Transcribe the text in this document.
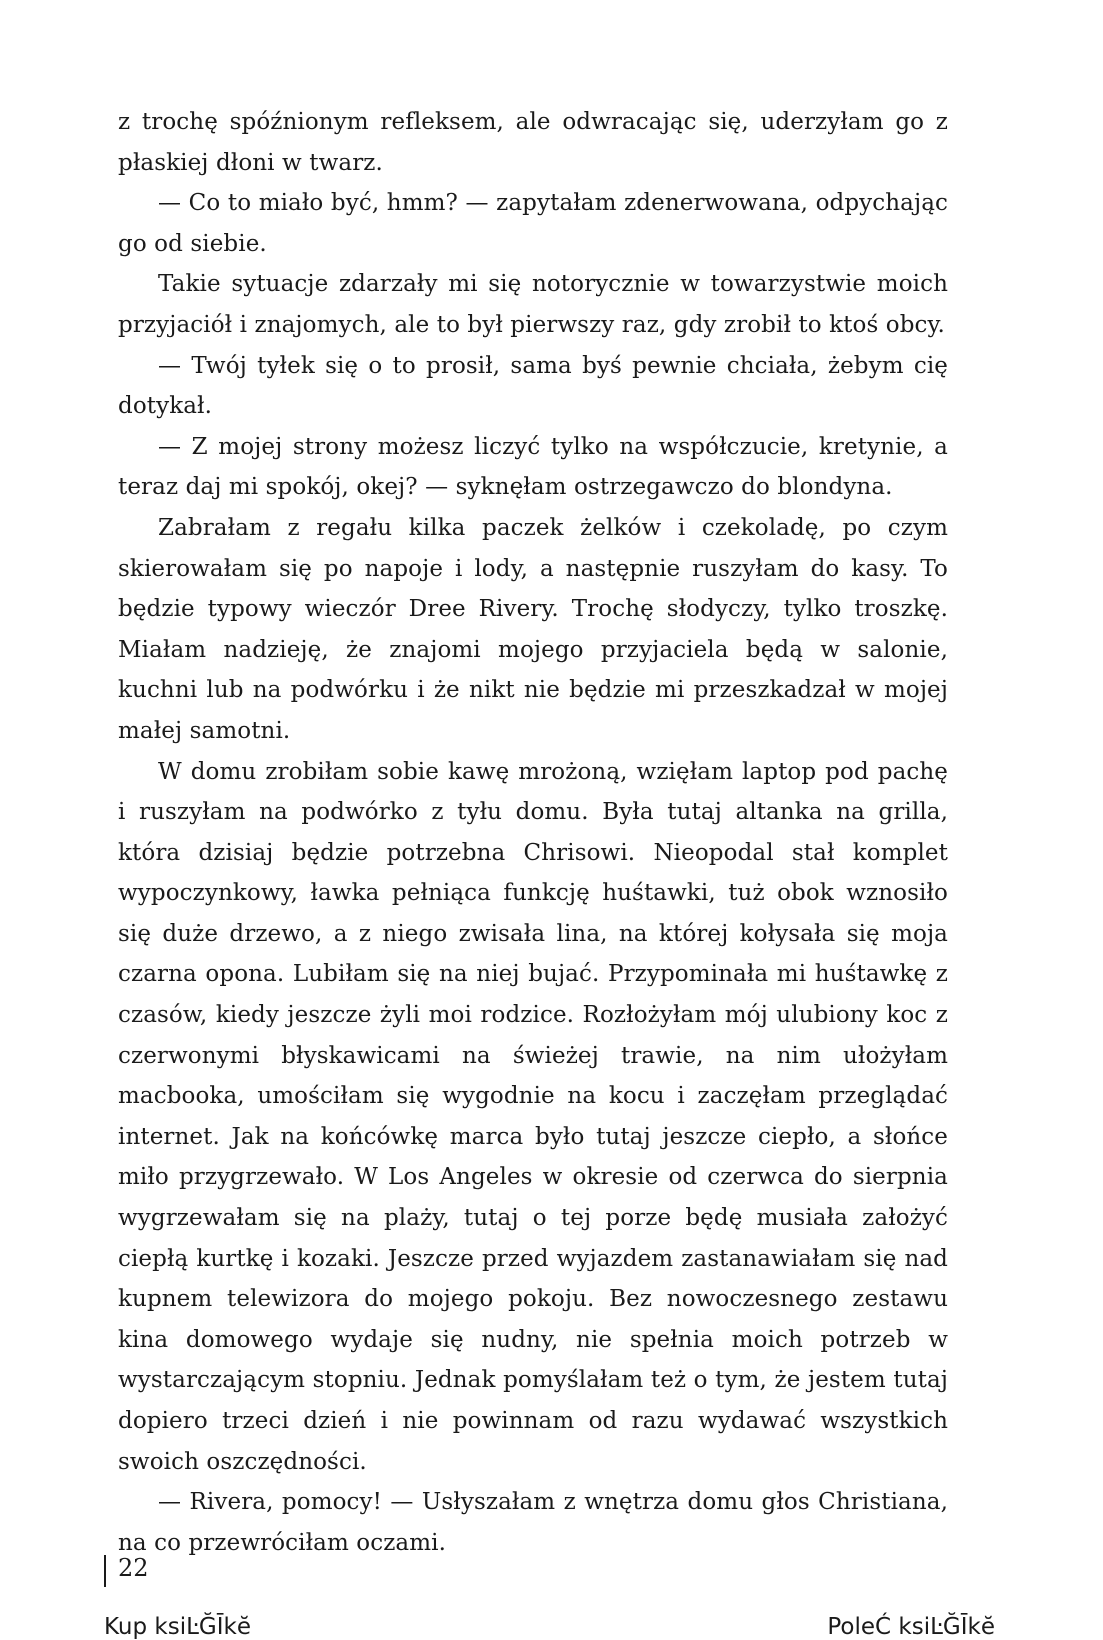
z trochę spóźnionym refleksem, ale odwracając się, uderzyłam go z płaskiej dłoni w twarz.

— Co to miało być, hmm? — zapytałam zdenerwowana, odpychając go od siebie.

Takie sytuacje zdarzały mi się notorycznie w towarzystwie moich przyjaciół i znajomych, ale to był pierwszy raz, gdy zrobił to ktoś obcy.

— Twój tyłek się o to prosił, sama byś pewnie chciała, żebym cię dotykał.

— Z mojej strony możesz liczyć tylko na współczucie, kretynie, a teraz daj mi spokój, okej? — syknęłam ostrzegawczo do blondyna.

Zabrałam z regału kilka paczek żelków i czekoladę, po czym skierowałam się po napoje i lody, a następnie ruszyłam do kasy. To będzie typowy wieczór Dree Rivery. Trochę słodyczy, tylko troszkę. Miałam nadzieję, że znajomi mojego przyjaciela będą w salonie, kuchni lub na podwórku i że nikt nie będzie mi przeszkadzał w mojej małej samotni.

W domu zrobiłam sobie kawę mrożoną, wzięłam laptop pod pachę i ruszyłam na podwórko z tyłu domu. Była tutaj altanka na grilla, która dzisiaj będzie potrzebna Chrisowi. Nieopodal stał komplet wypoczynkowy, ławka pełniąca funkcję huśtawki, tuż obok wznosiło się duże drzewo, a z niego zwisała lina, na której kołysała się moja czarna opona. Lubiłam się na niej bujać. Przypominała mi huśtawkę z czasów, kiedy jeszcze żyli moi rodzice. Rozłożyłam mój ulubiony koc z czerwonymi błyskawicami na świeżej trawie, na nim ułożyłam macbooka, umościłam się wygodnie na kocu i zaczęłam przeglądać internet. Jak na końcówkę marca było tutaj jeszcze ciepło, a słońce miło przygrzewało. W Los Angeles w okresie od czerwca do sierpnia wygrzewałam się na plaży, tutaj o tej porze będę musiała założyć ciepłą kurtkę i kozaki. Jeszcze przed wyjazdem zastanawiałam się nad kupnem telewizora do mojego pokoju. Bez nowoczesnego zestawu kina domowego wydaje się nudny, nie spełnia moich potrzeb w wystarczającym stopniu. Jednak pomyślałam też o tym, że jestem tutaj dopiero trzeci dzień i nie powinnam od razu wydawać wszystkich swoich oszczędności.

— Rivera, pomocy! — Usłyszałam z wnętrza domu głos Christiana, na co przewróciłam oczami.

22
Kup ksiĿĞĪkĕ	PoleĆ ksiĿĞĪkĕ
